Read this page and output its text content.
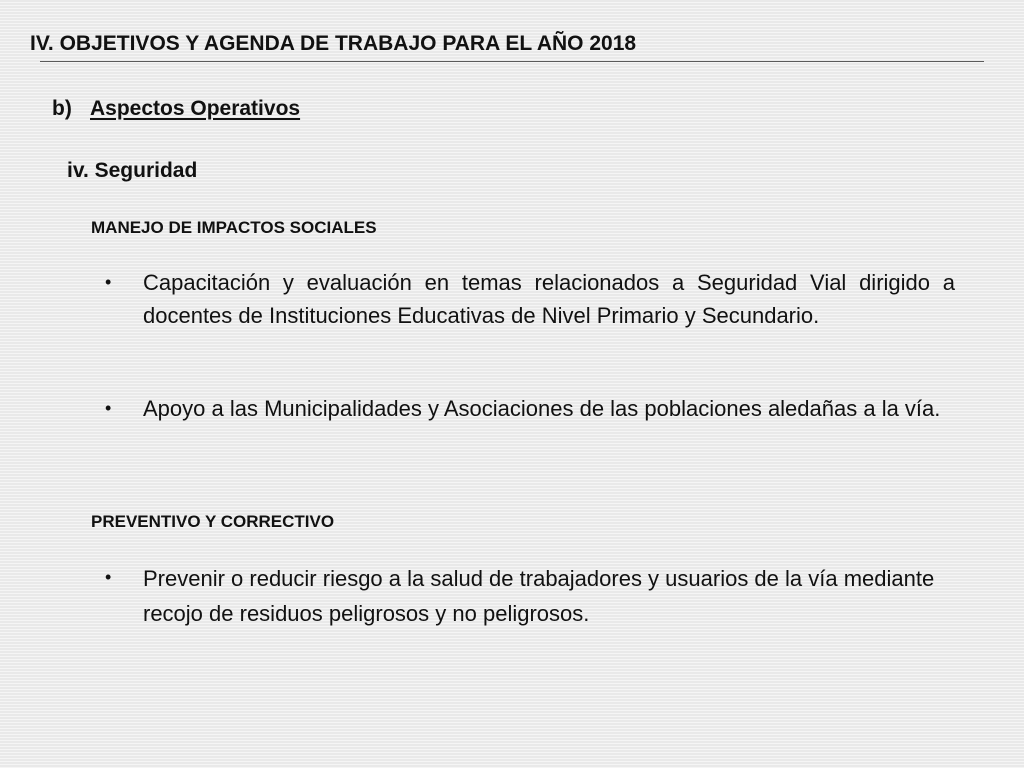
IV. OBJETIVOS Y AGENDA DE TRABAJO PARA EL AÑO 2018
b) Aspectos Operativos
iv. Seguridad
MANEJO DE IMPACTOS SOCIALES
• Capacitación y evaluación en temas relacionados a Seguridad Vial dirigido a docentes de Instituciones Educativas de Nivel Primario y Secundario.
• Apoyo a las Municipalidades y Asociaciones de las poblaciones aledañas a la vía.
PREVENTIVO Y CORRECTIVO
• Prevenir o reducir riesgo a la salud de trabajadores y usuarios de la vía mediante recojo de residuos peligrosos y no peligrosos.
